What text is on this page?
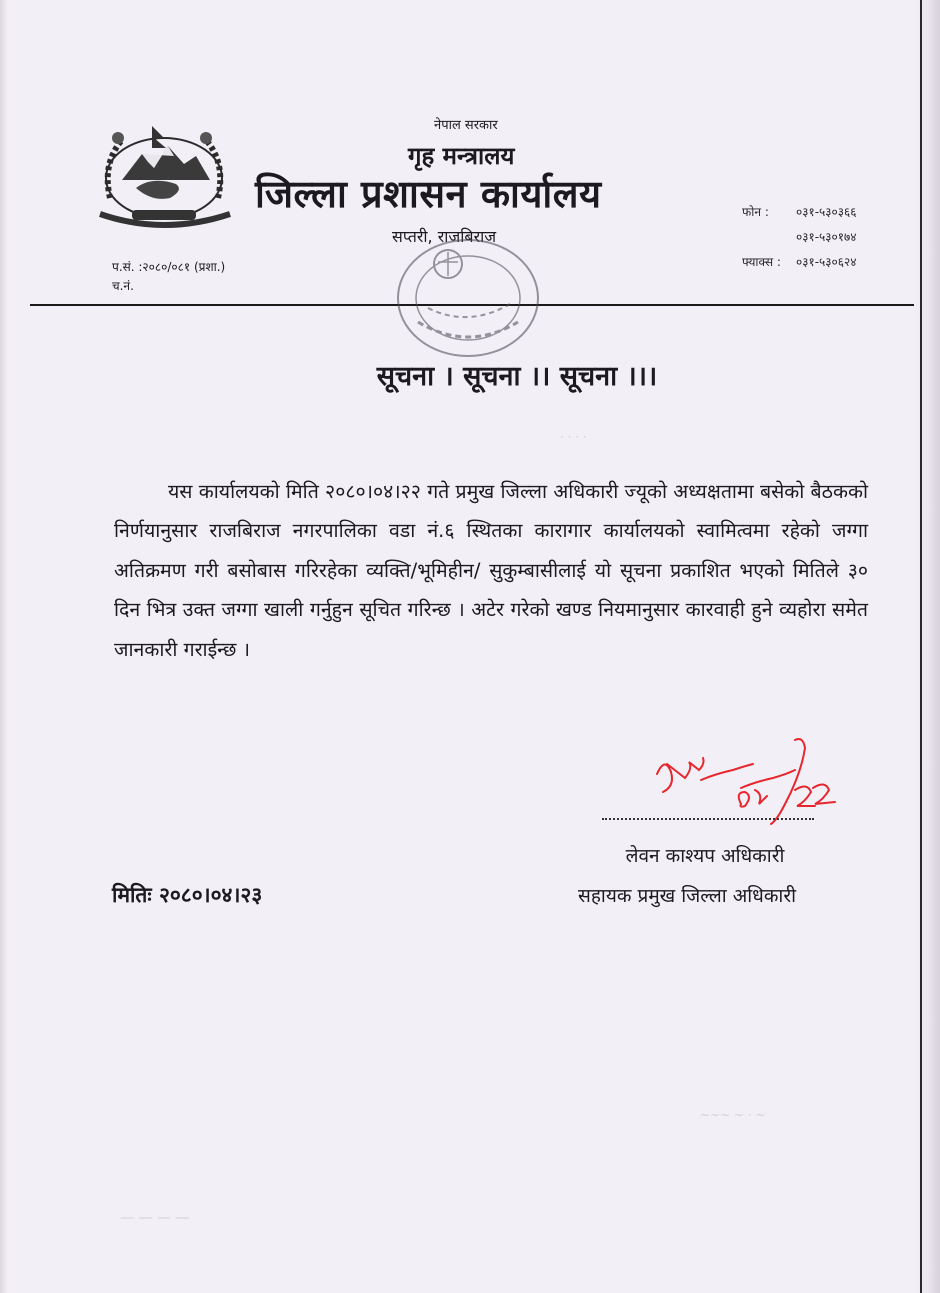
नेपाल सरकार
गृह मन्त्रालय
जिल्ला प्रशासन कार्यालय
सप्तरी, राजबिराज
फोन : ०३१-५३०३६६
०३१-५३०१७४
फ्याक्स : ०३१-५३०६२४
प.सं. :२०८०/०८१ (प्रशा.)
च.नं.
सूचना । सूचना ।। सूचना ।।।
यस कार्यालयको मिति २०८०।०४।२२ गते प्रमुख जिल्ला अधिकारी ज्यूको अध्यक्षतामा बसेको बैठकको निर्णयानुसार राजबिराज नगरपालिका वडा नं.६ स्थितका कारागार कार्यालयको स्वामित्वमा रहेको जग्गा अतिक्रमण गरी बसोबास गरिरहेका व्यक्ति/भूमिहीन/ सुकुम्बासीलाई यो सूचना प्रकाशित भएको मितिले ३० दिन भित्र उक्त जग्गा खाली गर्नुहुन सूचित गरिन्छ । अटेर गरेको खण्ड नियमानुसार कारवाही हुने व्यहोरा समेत जानकारी गराईन्छ ।
लेवन काश्यप अधिकारी
सहायक प्रमुख जिल्ला अधिकारी
मितिः २०८०।०४।२३
· · · ·
~~~ ~ · ~
— — — —
